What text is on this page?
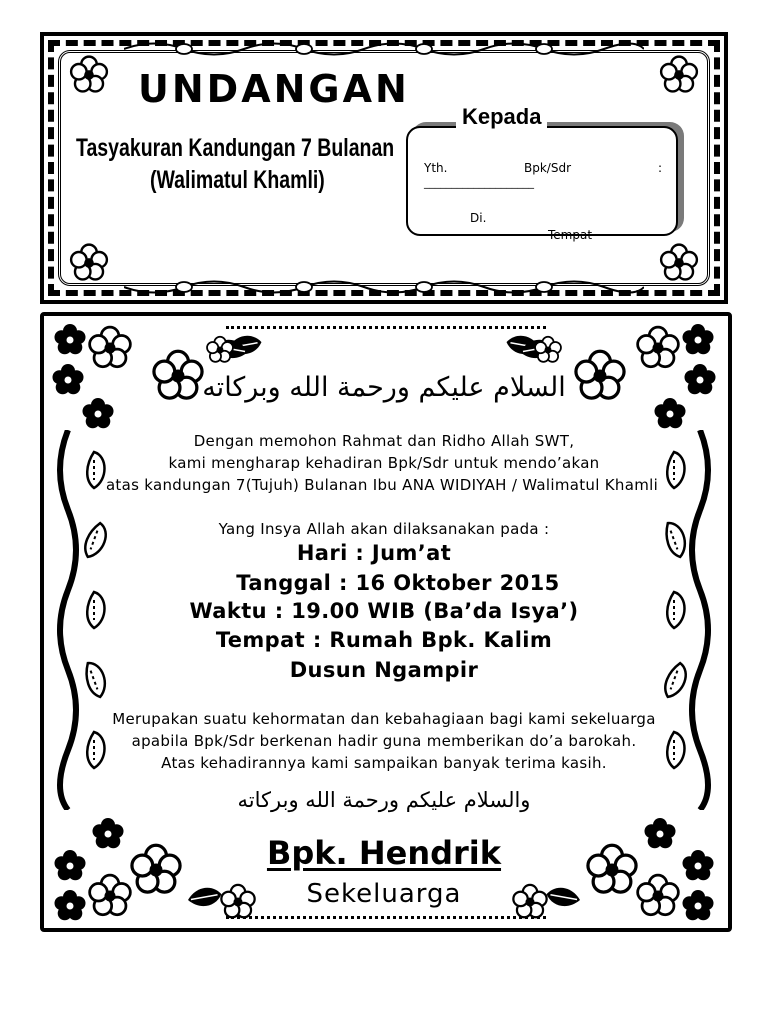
UNDANGAN
Tasyakuran Kandungan 7 Bulanan
(Walimatul Khamli)
Kepada
Yth.	Bpk/Sdr	:
____________________
Di.
Tempat
السلام عليكم ورحمة الله وبركاته
Dengan memohon Rahmat dan Ridho Allah SWT,
kami mengharap kehadiran Bpk/Sdr untuk mendo’akan
atas kandungan 7(Tujuh) Bulanan Ibu ANA WIDIYAH / Walimatul Khamli
Yang Insya Allah akan dilaksanakan pada :
Hari : Jum’at
Tanggal : 16 Oktober 2015
Waktu : 19.00 WIB (Ba’da Isya’)
Tempat : Rumah Bpk. Kalim
Dusun Ngampir
Merupakan suatu kehormatan dan kebahagiaan bagi kami sekeluarga
apabila Bpk/Sdr berkenan hadir guna memberikan do’a barokah.
Atas kehadirannya kami sampaikan banyak terima kasih.
والسلام عليكم ورحمة الله وبركاته
Bpk. Hendrik
Sekeluarga
